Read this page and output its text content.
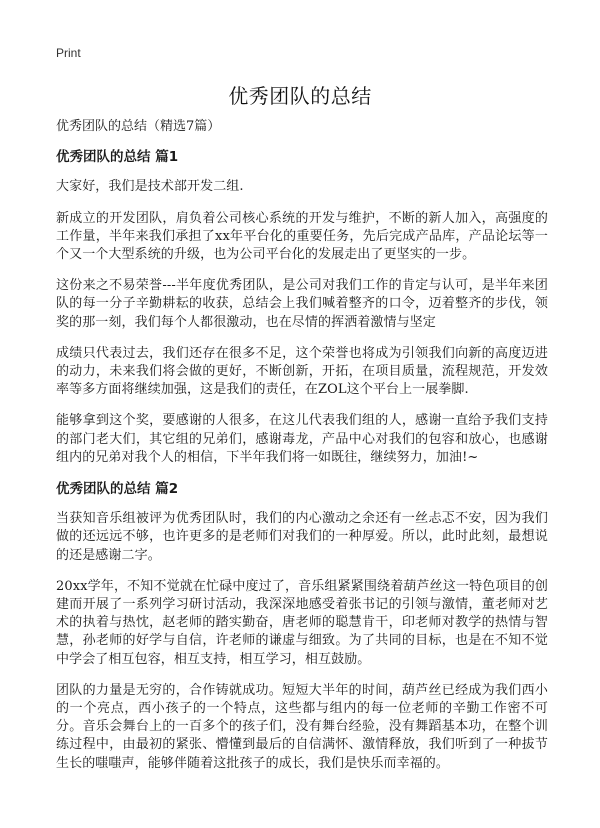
Print
优秀团队的总结

优秀团队的总结（精选7篇）

优秀团队的总结 篇1

大家好，我们是技术部开发二组.

新成立的开发团队，肩负着公司核心系统的开发与维护，不断的新人加入，高强度的工作量，半年来我们承担了xx年平台化的重要任务，先后完成产品库，产品论坛等一个又一个大型系统的升级，也为公司平台化的发展走出了更坚实的一步。

这份来之不易荣誉---半年度优秀团队，是公司对我们工作的肯定与认可，是半年来团队的每一分子辛勤耕耘的收获，总结会上我们喊着整齐的口令，迈着整齐的步伐，领奖的那一刻，我们每个人都很激动，也在尽情的挥洒着激情与坚定

成绩只代表过去，我们还存在很多不足，这个荣誉也将成为引领我们向新的高度迈进的动力，未来我们将会做的更好，不断创新，开拓，在项目质量，流程规范，开发效率等多方面将继续加强，这是我们的责任，在ZOL这个平台上一展拳脚.

能够拿到这个奖，要感谢的人很多，在这儿代表我们组的人，感谢一直给予我们支持的部门老大们，其它组的兄弟们，感谢毒龙，产品中心对我们的包容和放心，也感谢组内的兄弟对我个人的相信，下半年我们将一如既往，继续努力，加油!~

优秀团队的总结 篇2

当获知音乐组被评为优秀团队时，我们的内心激动之余还有一丝忐忑不安，因为我们做的还远远不够，也许更多的是老师们对我们的一种厚爱。所以，此时此刻，最想说的还是感谢二字。

20xx学年，不知不觉就在忙碌中度过了，音乐组紧紧围绕着葫芦丝这一特色项目的创建而开展了一系列学习研讨活动，我深深地感受着张书记的引领与激情，董老师对艺术的执着与热忱，赵老师的踏实勤奋，唐老师的聪慧肯干，印老师对教学的热情与智慧，孙老师的好学与自信，许老师的谦虚与细致。为了共同的目标，也是在不知不觉中学会了相互包容，相互支持，相互学习，相互鼓励。

团队的力量是无穷的，合作铸就成功。短短大半年的时间，葫芦丝已经成为我们西小的一个亮点，西小孩子的一个特点，这些都与组内的每一位老师的辛勤工作密不可分。音乐会舞台上的一百多个的孩子们，没有舞台经验，没有舞蹈基本功，在整个训练过程中，由最初的紧张、懵懂到最后的自信满怀、激情释放，我们听到了一种拔节生长的嗤嗤声，能够伴随着这批孩子的成长，我们是快乐而幸福的。
